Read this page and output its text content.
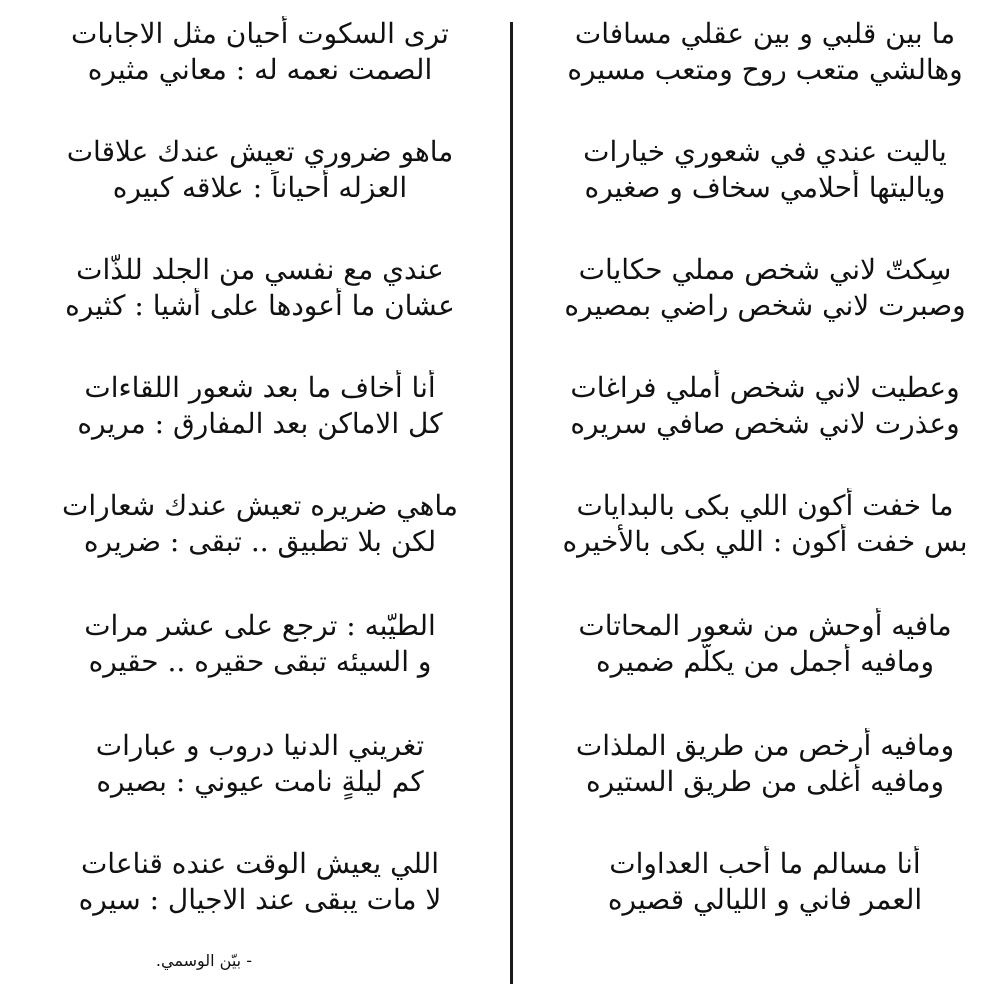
ما بين قلبي و بين عقلي مسافات
وهالشي متعب روح ومتعب مسيره
ياليت عندي في شعوري خيارات
وياليتها أحلامي سخاف و صغيره
سِكتّ لاني شخص مملي حكايات
وصبرت لاني شخص راضي بمصيره
وعطيت لاني شخص أملي فراغات
وعذرت لاني شخص صافي سريره
ما خفت أكون اللي بكى بالبدايات
بس خفت أكون : اللي بكى بالأخيره
مافيه أوحش من شعور المحاتات
ومافيه أجمل من يكلّم ضميره
ومافيه أرخص من طريق الملذات
ومافيه أغلى من طريق الستيره
أنا مسالم ما أحب العداوات
العمر فاني و الليالي قصيره
ترى السكوت أحيان مثل الاجابات
الصمت نعمه له : معاني مثيره
ماهو ضروري تعيش عندك علاقات
العزله أحياناً : علاقه كبيره
عندي مع نفسي من الجلد للذّات
عشان ما أعودها على أشيا : كثيره
أنا أخاف ما بعد شعور اللقاءات
كل الاماكن بعد المفارق : مريره
ماهي ضريره تعيش عندك شعارات
لكن بلا تطبيق .. تبقى : ضريره
الطيّبه : ترجع على عشر مرات
و السيئه تبقى حقيره .. حقيره
تغريني الدنيا دروب و عبارات
كم ليلةٍ نامت عيوني : بصيره
اللي يعيش الوقت عنده قناعات
لا مات يبقى عند الاجيال : سيره
- بيّن الوسمي.
